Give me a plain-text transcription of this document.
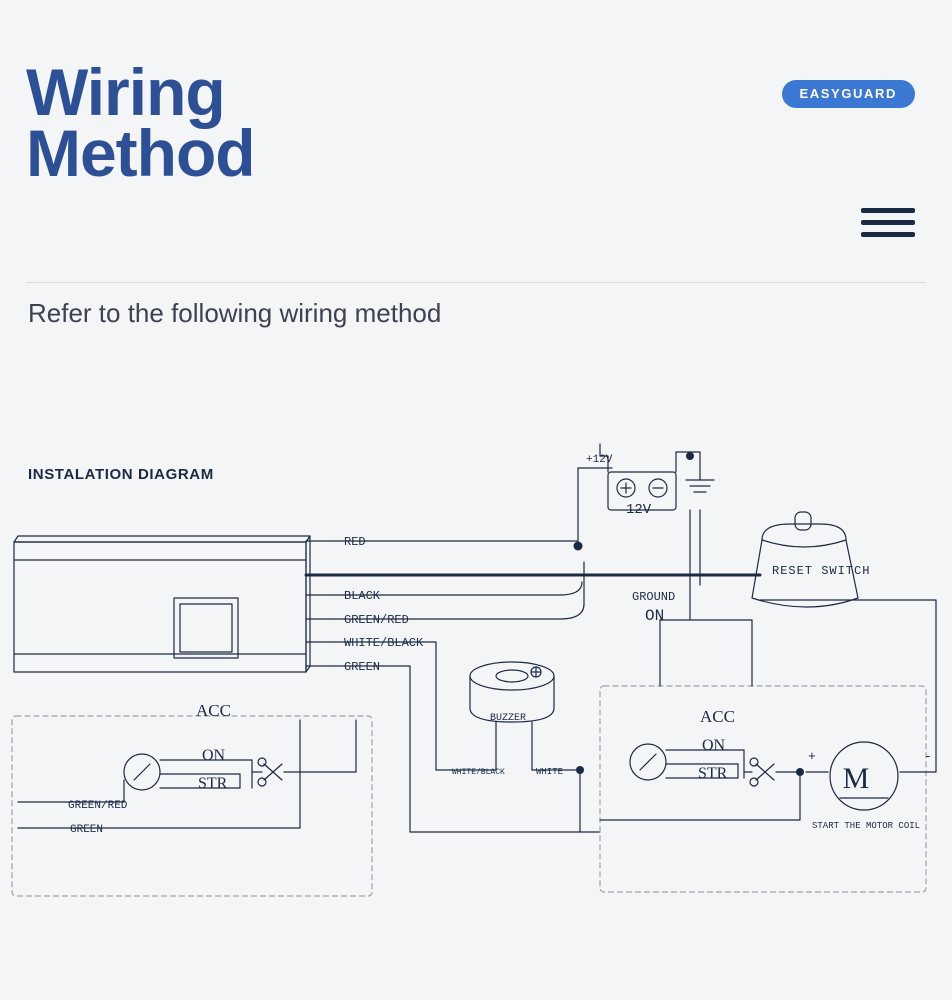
Wiring
Method
EASYGUARD
Refer to the following wiring method
INSTALATION DIAGRAM
RED
BLACK
GREEN/RED
WHITE/BLACK
GREEN
+12V
12V
GROUND
ON
RESET SWITCH
BUZZER
WHITE/BLACK	WHITE
ACC
ON
STR
GREEN/RED
GREEN
ACC
ON
STR
+	-
M
START THE MOTOR COIL
